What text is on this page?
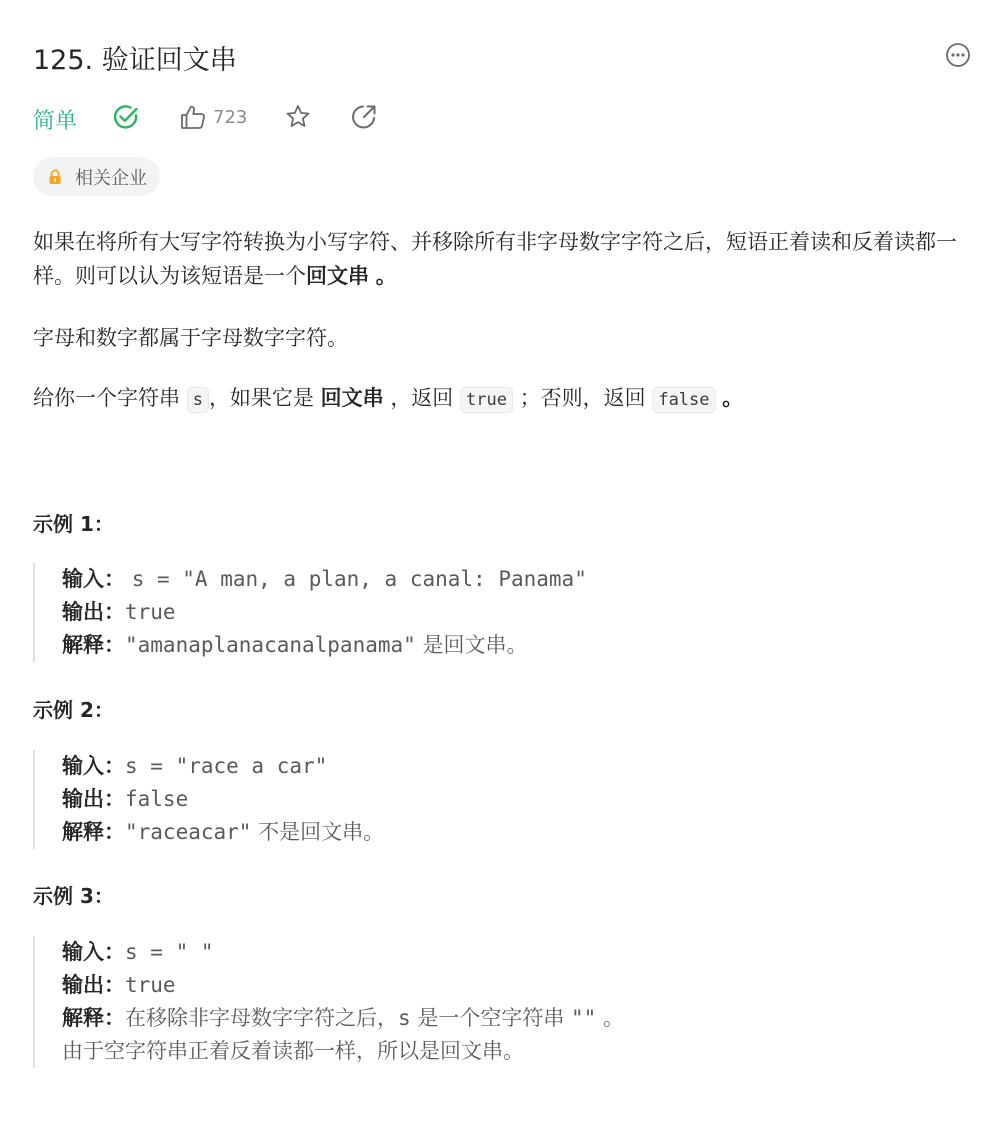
125. 验证回文串
简单	723
相关企业
如果在将所有大写字符转换为小写字符、并移除所有非字母数字字符之后，短语正着读和反着读都一样。则可以认为该短语是一个回文串 。
字母和数字都属于字母数字字符。
给你一个字符串 s ，如果它是 回文串 ，返回 true ；否则，返回 false 。
示例 1：
输入： s = "A man, a plan, a canal: Panama"
输出：true
解释："amanaplanacanalpanama" 是回文串。
示例 2：
输入：s = "race a car"
输出：false
解释："raceacar" 不是回文串。
示例 3：
输入：s = " "
输出：true
解释：在移除非字母数字字符之后，s 是一个空字符串 "" 。
由于空字符串正着反着读都一样，所以是回文串。
